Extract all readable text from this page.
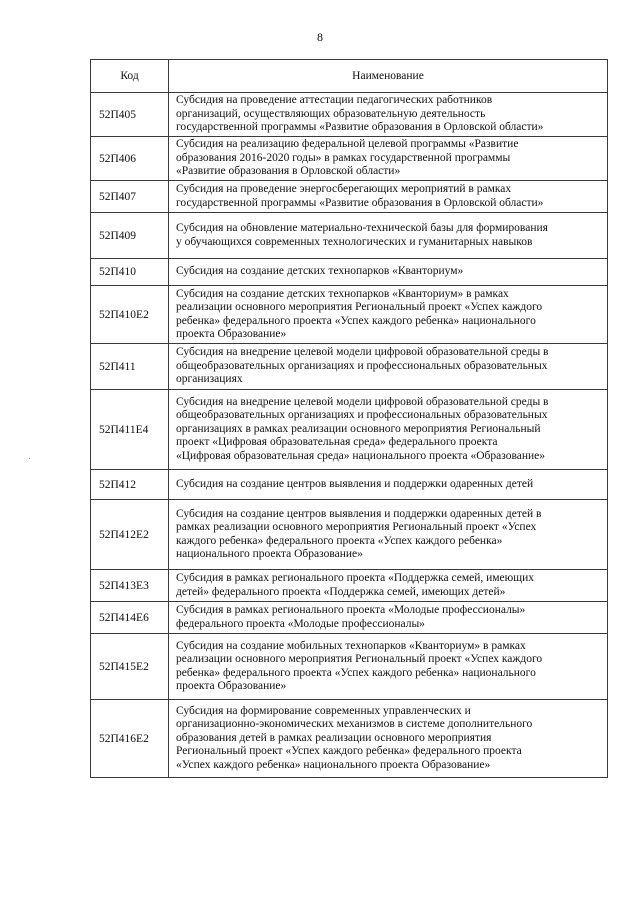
8
Код	Наименование
52П405	Субсидия на проведение аттестации педагогических работников
организаций, осуществляющих образовательную деятельность
государственной программы «Развитие образования в Орловской области»
52П406	Субсидия на реализацию федеральной целевой программы «Развитие
образования 2016-2020 годы» в рамках государственной программы
«Развитие образования в Орловской области»
52П407	Субсидия на проведение энергосберегающих мероприятий в рамках
государственной программы «Развитие образования в Орловской области»
52П409	Субсидия на обновление материально-технической базы для формирования
у обучающихся современных технологических и гуманитарных навыков
52П410	Субсидия на создание детских технопарков «Кванториум»
52П410Е2	Субсидия на создание детских технопарков «Кванториум» в рамках
реализации основного мероприятия Региональный проект «Успех каждого
ребенка» федерального проекта «Успех каждого ребенка» национального
проекта Образование»
52П411	Субсидия на внедрение целевой модели цифровой образовательной среды в
общеобразовательных организациях и профессиональных образовательных
организациях
52П411Е4	Субсидия на внедрение целевой модели цифровой образовательной среды в
общеобразовательных организациях и профессиональных образовательных
организациях в рамках реализации основного мероприятия Региональный
проект «Цифровая образовательная среда» федерального проекта
«Цифровая образовательная среда» национального проекта «Образование»
52П412	Субсидия на создание центров выявления и поддержки одаренных детей
52П412Е2	Субсидия на создание центров выявления и поддержки одаренных детей в
рамках реализации основного мероприятия Региональный проект «Успех
каждого ребенка» федерального проекта «Успех каждого ребенка»
национального проекта Образование»
52П413Е3	Субсидия в рамках регионального проекта «Поддержка семей, имеющих
детей» федерального проекта «Поддержка семей, имеющих детей»
52П414Е6	Субсидия в рамках регионального проекта «Молодые профессионалы»
федерального проекта «Молодые профессионалы»
52П415Е2	Субсидия на создание мобильных технопарков «Кванториум» в рамках
реализации основного мероприятия Региональный проект «Успех каждого
ребенка» федерального проекта «Успех каждого ребенка» национального
проекта Образование»
52П416Е2	Субсидия на формирование современных управленческих и
организационно-экономических механизмов в системе дополнительного
образования детей в рамках реализации основного мероприятия
Региональный проект «Успех каждого ребенка» федерального проекта
«Успех каждого ребенка» национального проекта Образование»
